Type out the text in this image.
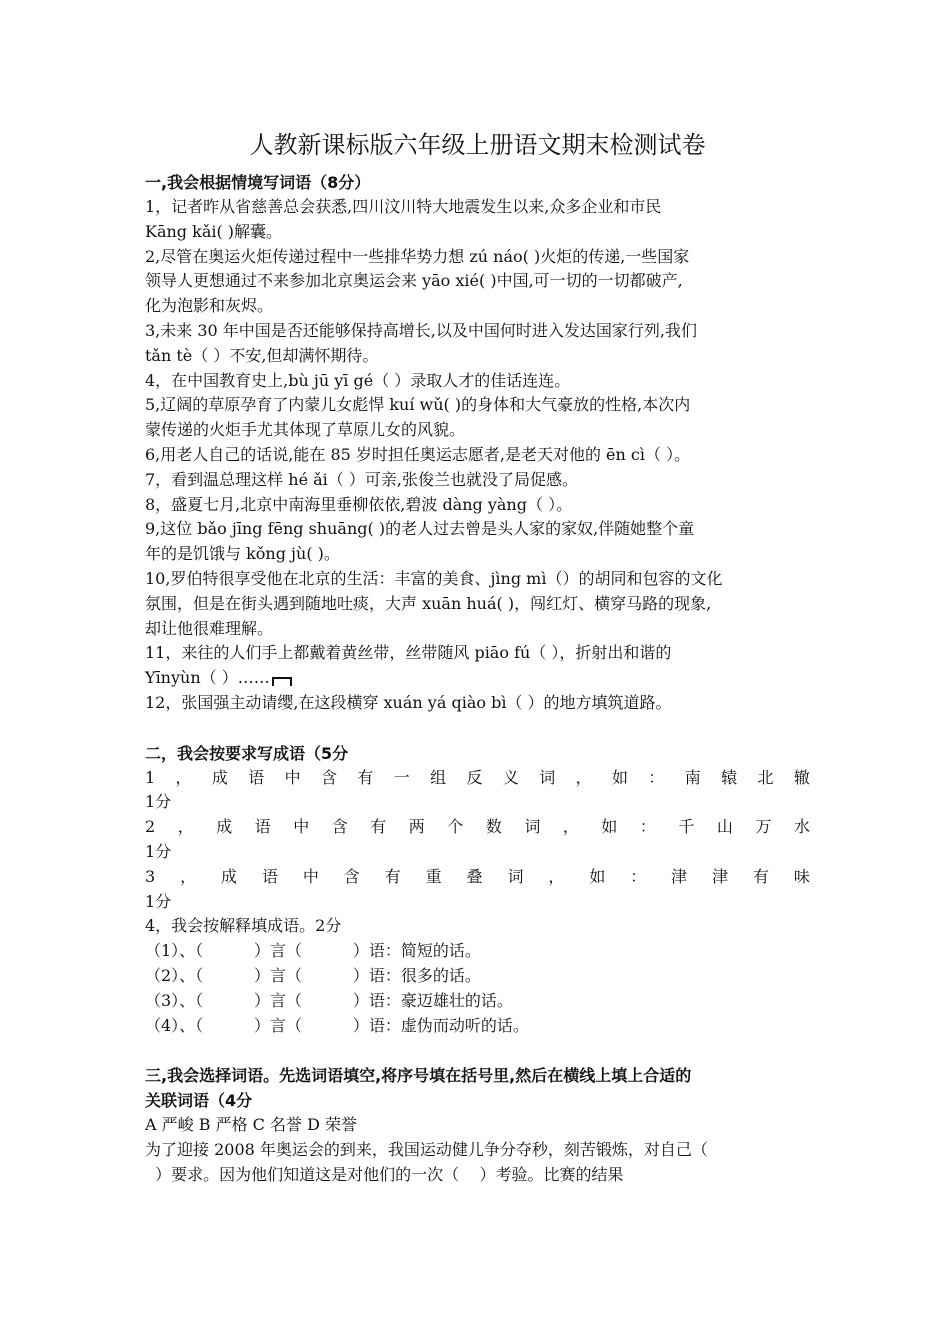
人教新课标版六年级上册语文期末检测试卷
一,我会根据情境写词语（8分）
1，记者昨从省慈善总会获悉,四川汶川特大地震发生以来,众多企业和市民
Kāng kǎi( )解囊。
2,尽管在奥运火炬传递过程中一些排华势力想 zú náo( )火炬的传递,一些国家
领导人更想通过不来参加北京奥运会来 yāo xié( )中国,可一切的一切都破产,
化为泡影和灰烬。
3,未来 30 年中国是否还能够保持高增长,以及中国何时进入发达国家行列,我们
tǎn tè（ ）不安,但却满怀期待。
4，在中国教育史上,bù jū yī gé（ ）录取人才的佳话连连。
5,辽阔的草原孕育了内蒙儿女彪悍 kuí wǔ( )的身体和大气豪放的性格,本次内
蒙传递的火炬手尤其体现了草原儿女的风貌。
6,用老人自己的话说,能在 85 岁时担任奥运志愿者,是老天对他的 ēn cì（ ）。
7，看到温总理这样 hé ǎi（ ）可亲,张俊兰也就没了局促感。
8，盛夏七月,北京中南海里垂柳依依,碧波 dàng yàng（ ）。
9,这位 bǎo jīng fēng shuāng( )的老人过去曾是头人家的家奴,伴随她整个童
年的是饥饿与 kǒng jù( )。
10,罗伯特很享受他在北京的生活：丰富的美食、jìng mì（）的胡同和包容的文化
氛围，但是在街头遇到随地吐痰，大声 xuān huá( )，闯红灯、横穿马路的现象,
却让他很难理解。
11，来往的人们手上都戴着黄丝带，丝带随风 piāo fú（ ），折射出和谐的
Yīnyùn（ ）……
12，张国强主动请缨,在这段横穿 xuán yá qiào bì（ ）的地方填筑道路。
二，我会按要求写成语（5分
1 ， 成 语 中 含 有 一 组 反 义 词 ， 如 ： 南 辕 北 辙
1分
2 ， 成 语 中 含 有 两 个 数 词 ， 如 ： 千 山 万 水
1分
3 ， 成 语 中 含 有 重 叠 词 ， 如 ： 津 津 有 味
1分
4，我会按解释填成语。2分
（1）、（          ）言（          ）语：简短的话。
（2）、（          ）言（          ）语：很多的话。
（3）、（          ）言（          ）语：豪迈雄壮的话。
（4）、（          ）言（          ）语：虚伪而动听的话。
三,我会选择词语。先选词语填空,将序号填在括号里,然后在横线上填上合适的
关联词语（4分
A 严峻 B 严格 C 名誉 D 荣誉
为了迎接 2008 年奥运会的到来，我国运动健儿争分夺秒，刻苦锻炼，对自己（
）要求。因为他们知道这是对他们的一次（    ）考验。比赛的结果
